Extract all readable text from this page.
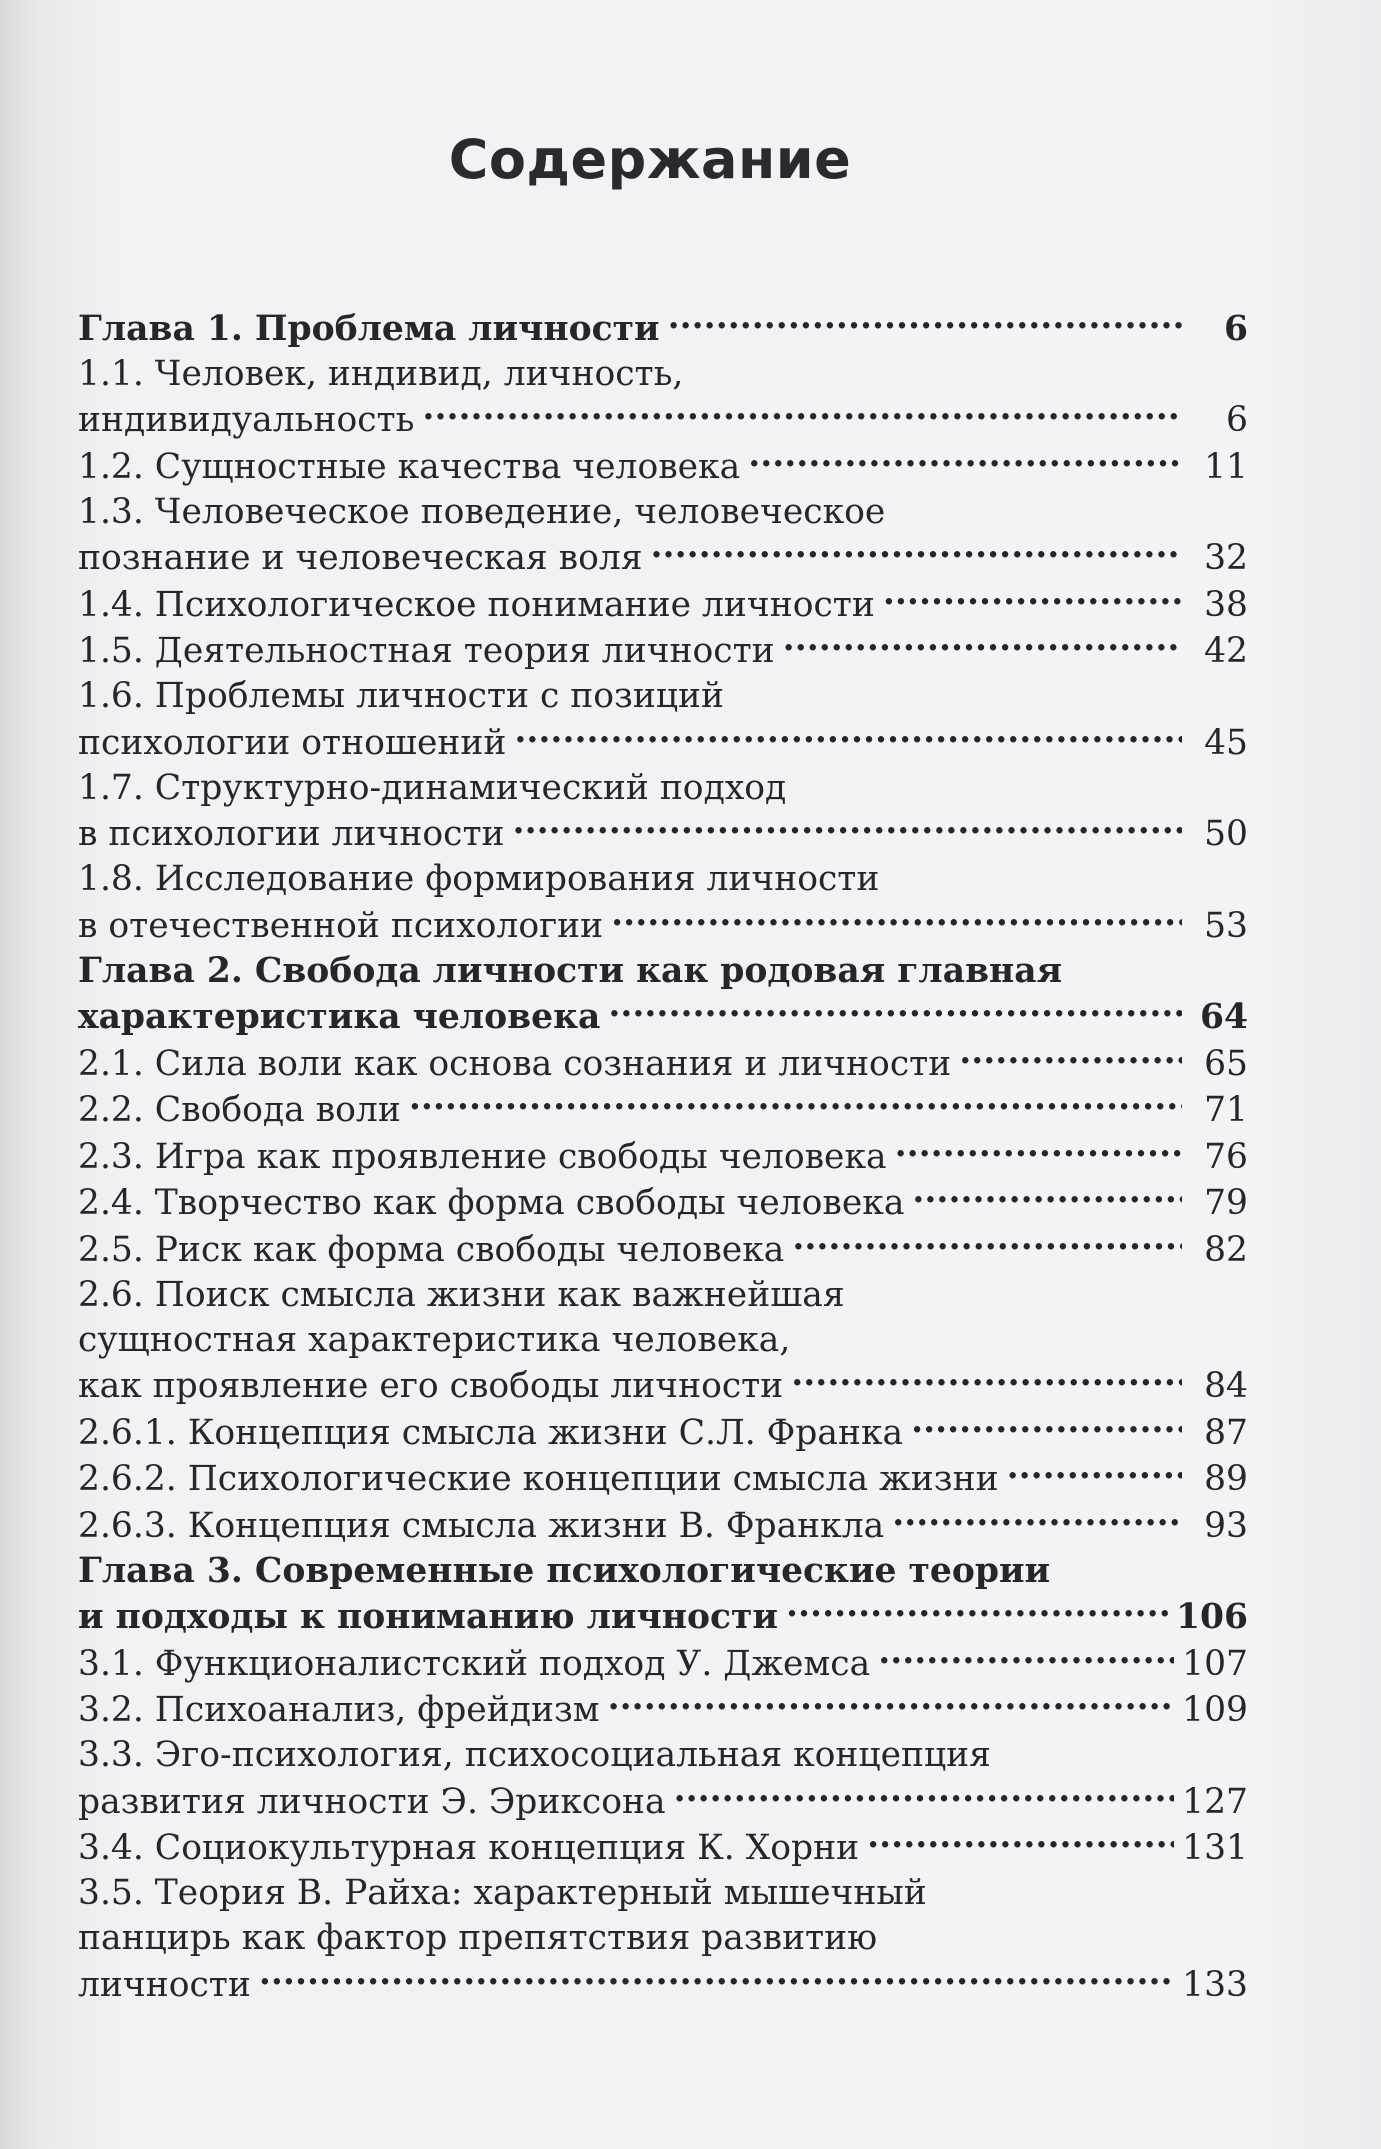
Содержание
Глава 1. Проблема личности . . .	6
1.1. Человек, индивид, личность,
индивидуальность . . .	6
1.2. Сущностные качества человека . . .	11
1.3. Человеческое поведение, человеческое
познание и человеческая воля . . .	32
1.4. Психологическое понимание личности . . .	38
1.5. Деятельностная теория личности . . .	42
1.6. Проблемы личности с позиций
психологии отношений . . .	45
1.7. Структурно-динамический подход
в психологии личности . . .	50
1.8. Исследование формирования личности
в отечественной психологии . . .	53
Глава 2. Свобода личности как родовая главная
характеристика человека . . .	64
2.1. Сила воли как основа сознания и личности . . .	65
2.2. Свобода воли . . .	71
2.3. Игра как проявление свободы человека . . .	76
2.4. Творчество как форма свободы человека . . .	79
2.5. Риск как форма свободы человека . . .	82
2.6. Поиск смысла жизни как важнейшая
сущностная характеристика человека,
как проявление его свободы личности . . .	84
2.6.1. Концепция смысла жизни С.Л. Франка . . .	87
2.6.2. Психологические концепции смысла жизни . . .	89
2.6.3. Концепция смысла жизни В. Франкла . . .	93
Глава 3. Современные психологические теории
и подходы к пониманию личности . . .	106
3.1. Функционалистский подход У. Джемса . . .	107
3.2. Психоанализ, фрейдизм . . .	109
3.3. Эго-психология, психосоциальная концепция
развития личности Э. Эриксона . . .	127
3.4. Социокультурная концепция К. Хорни . . .	131
3.5. Теория В. Райха: характерный мышечный
панцирь как фактор препятствия развитию
личности . . .	133
